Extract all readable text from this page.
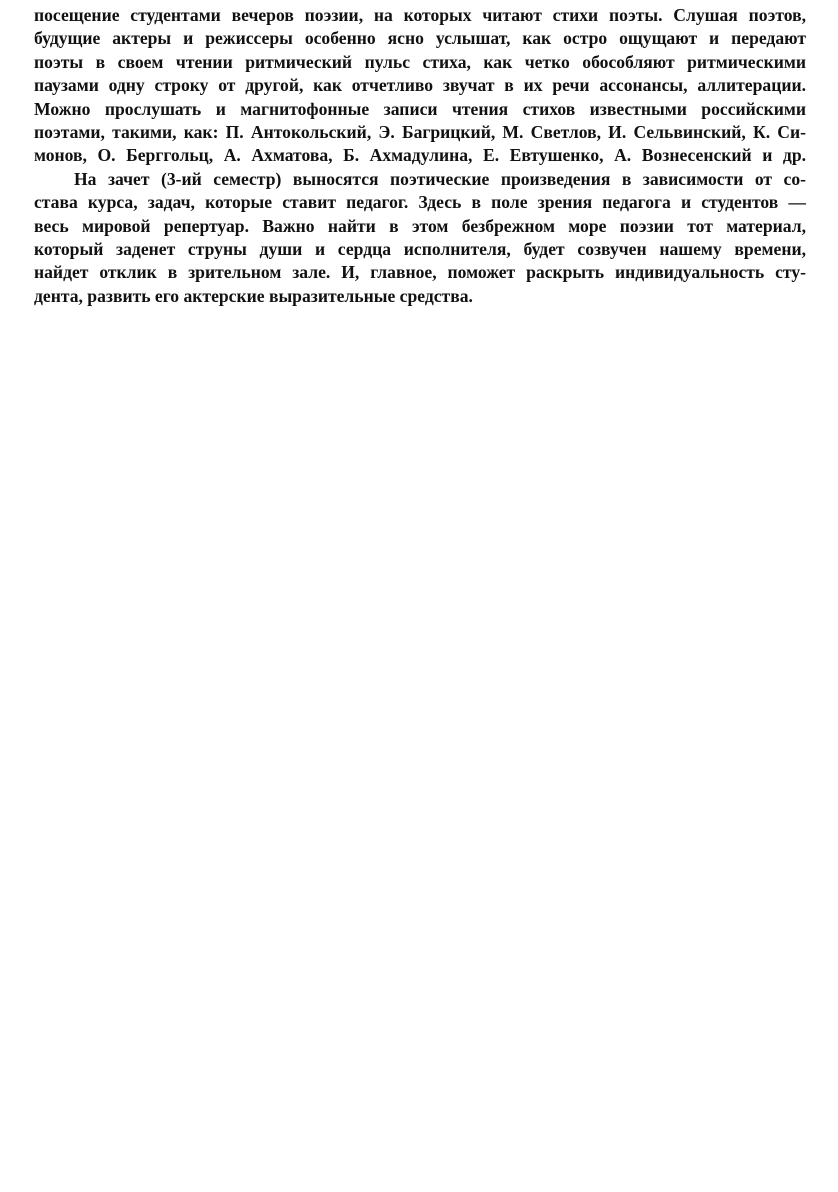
посещение студентами вечеров поэзии, на которых читают стихи поэты. Слушая поэтов,
будущие актеры и режиссеры особенно ясно услышат, как остро ощущают и передают
поэты в своем чтении ритмический пульс стиха, как четко обособляют ритмическими
паузами одну строку от другой, как отчетливо звучат в их речи ассонансы, аллитерации.
Можно прослушать и магнитофонные записи чтения стихов известными российскими
поэтами, такими, как: П. Антокольский, Э. Багрицкий, М. Светлов, И. Сельвинский, К. Си-
монов, О. Берггольц, А. Ахматова, Б. Ахмадулина, Е. Евтушенко, А. Вознесенский и др.

На зачет (3-ий семестр) выносятся поэтические произведения в зависимости от со-
става курса, задач, которые ставит педагог. Здесь в поле зрения педагога и студентов —
весь мировой репертуар. Важно найти в этом безбрежном море поэзии тот материал,
который заденет струны души и сердца исполнителя, будет созвучен нашему времени,
найдет отклик в зрительном зале. И, главное, поможет раскрыть индивидуальность сту-
дента, развить его актерские выразительные средства.
